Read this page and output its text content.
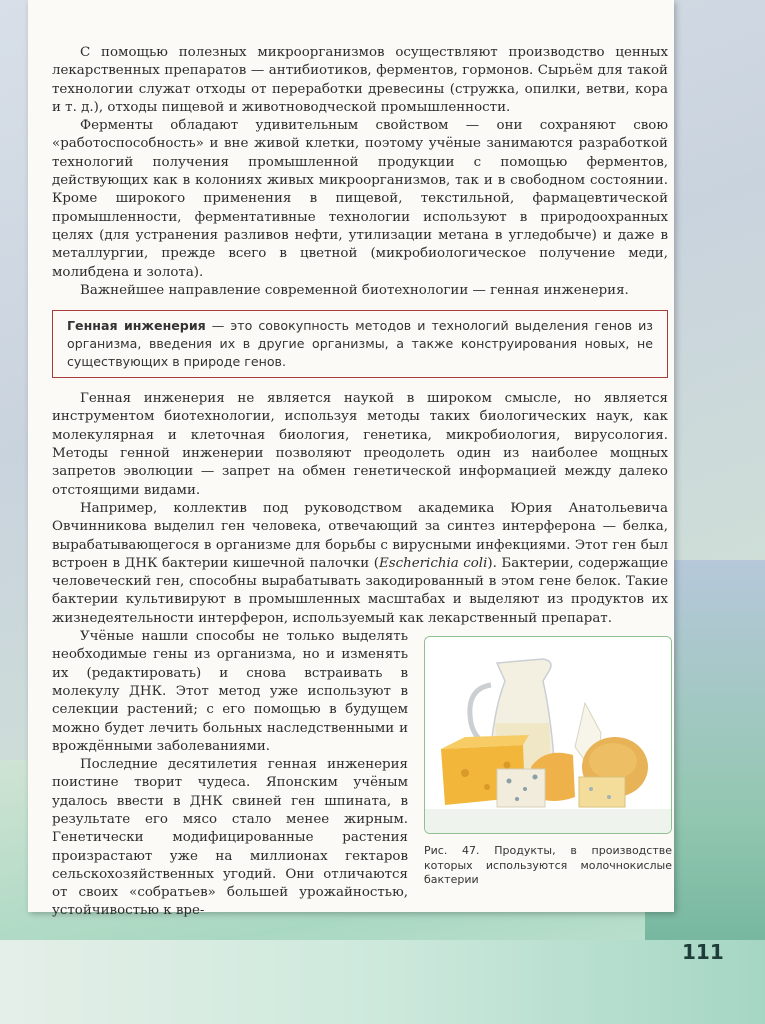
С помощью полезных микроорганизмов осуществляют производство ценных лекарственных препаратов — антибиотиков, ферментов, гормонов. Сырьём для такой технологии служат отходы от переработки древесины (стружка, опилки, ветви, кора и т. д.), отходы пищевой и животноводческой промышленности.

Ферменты обладают удивительным свойством — они сохраняют свою «работоспособность» и вне живой клетки, поэтому учёные занимаются разработкой технологий получения промышленной продукции с помощью ферментов, действующих как в колониях живых микроорганизмов, так и в свободном состоянии. Кроме широкого применения в пищевой, текстильной, фармацевтической промышленности, ферментативные технологии используют в природоохранных целях (для устранения разливов нефти, утилизации метана в угледобыче) и даже в металлургии, прежде всего в цветной (микробиологическое получение меди, молибдена и золота).

Важнейшее направление современной биотехнологии — генная инженерия.

Генная инженерия — это совокупность методов и технологий выделения генов из организма, введения их в другие организмы, а также конструирования новых, не существующих в природе генов.

Генная инженерия не является наукой в широком смысле, но является инструментом биотехнологии, используя методы таких биологических наук, как молекулярная и клеточная биология, генетика, микробиология, вирусология. Методы генной инженерии позволяют преодолеть один из наиболее мощных запретов эволюции — запрет на обмен генетической информацией между далеко отстоящими видами.

Например, коллектив под руководством академика Юрия Анатольевича Овчинникова выделил ген человека, отвечающий за синтез интерферона — белка, вырабатывающегося в организме для борьбы с вирусными инфекциями. Этот ген был встроен в ДНК бактерии кишечной палочки (Escherichia coli). Бактерии, содержащие человеческий ген, способны вырабатывать закодированный в этом гене белок. Такие бактерии культивируют в промышленных масштабах и выделяют из продуктов их жизнедеятельности интерферон, используемый как лекарственный препарат.

Учёные нашли способы не только выделять необходимые гены из организма, но и изменять их (редактировать) и снова встраивать в молекулу ДНК. Этот метод уже используют в селекции растений; с его помощью в будущем можно будет лечить больных наследственными и врождёнными заболеваниями.

Последние десятилетия генная инженерия поистине творит чудеса. Японским учёным удалось ввести в ДНК свиней ген шпината, в результате его мясо стало менее жирным. Генетически модифицированные растения произрастают уже на миллионах гектаров сельскохозяйственных угодий. Они отличаются от своих «собратьев» большей урожайностью, устойчивостью к вре-

Рис. 47. Продукты, в производстве которых используются молочнокислые бактерии
111
